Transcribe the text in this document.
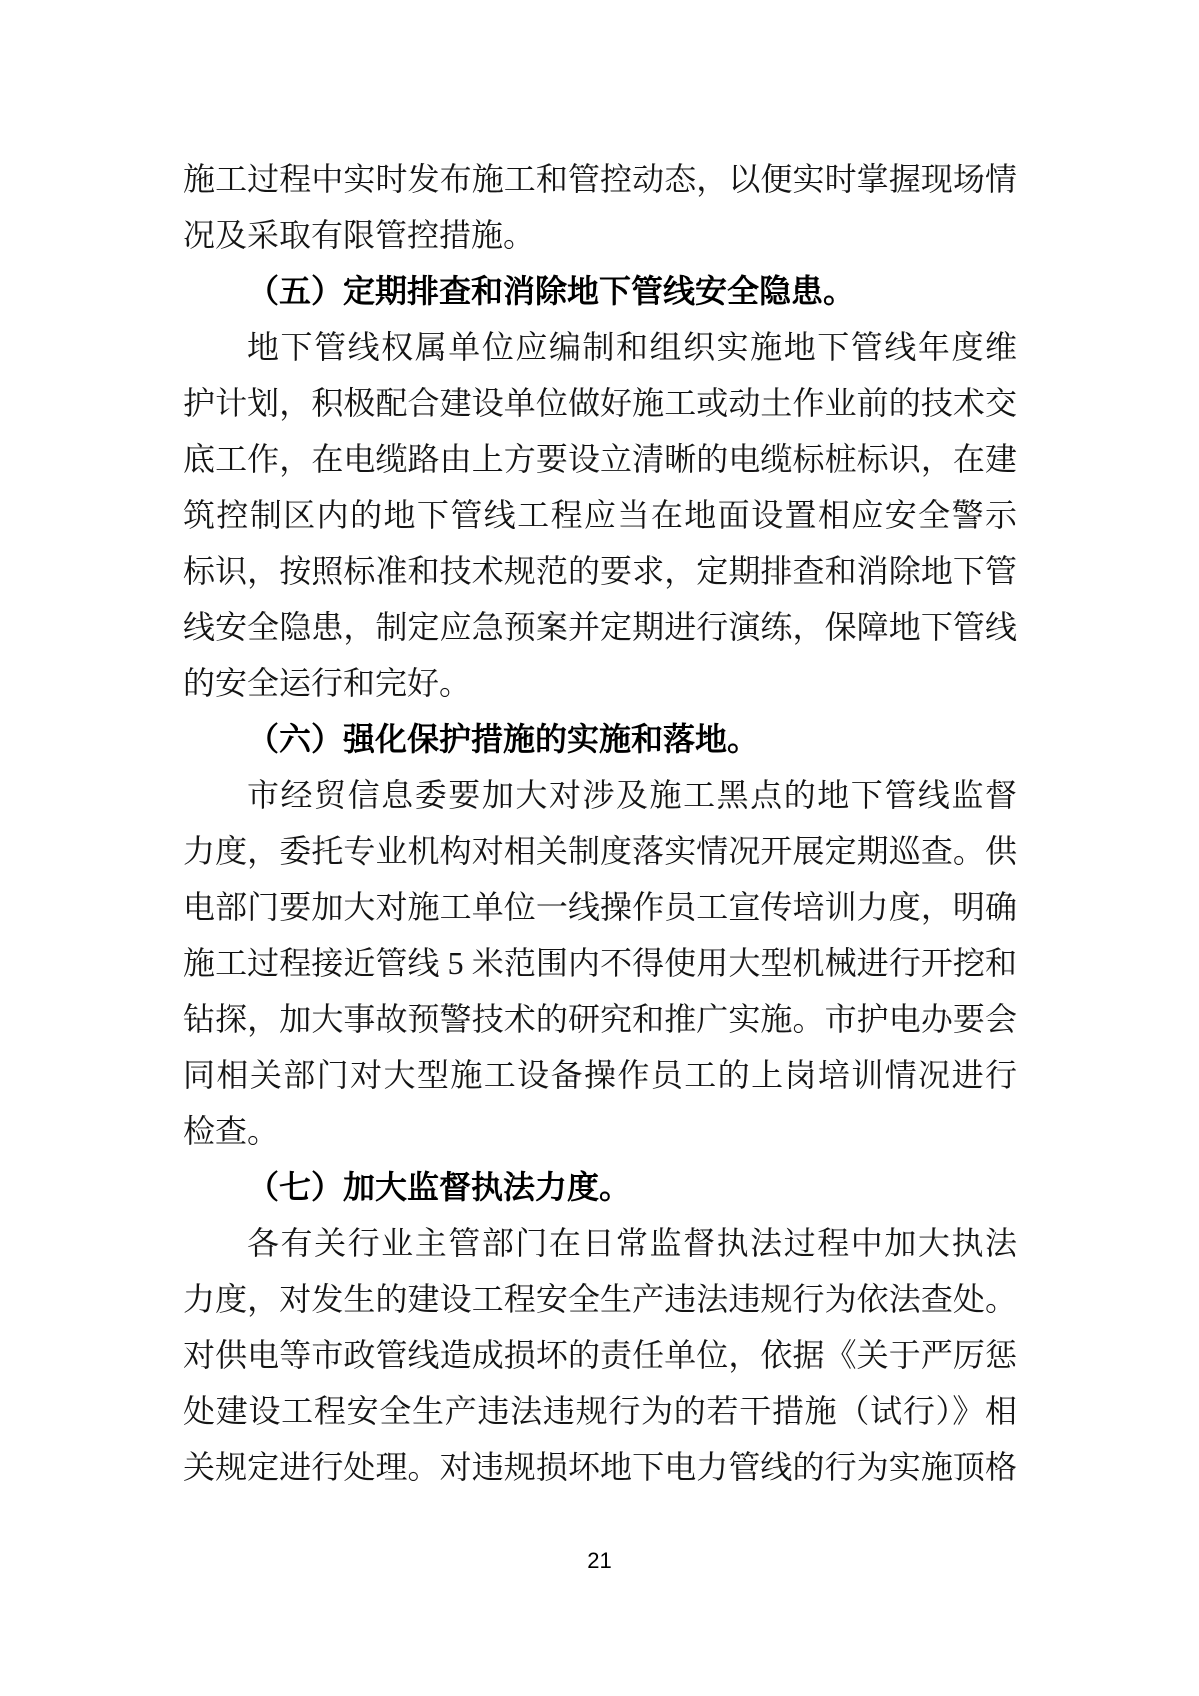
施工过程中实时发布施工和管控动态，以便实时掌握现场情
况及采取有限管控措施。
（五）定期排查和消除地下管线安全隐患。
地下管线权属单位应编制和组织实施地下管线年度维
护计划，积极配合建设单位做好施工或动土作业前的技术交
底工作，在电缆路由上方要设立清晰的电缆标桩标识，在建
筑控制区内的地下管线工程应当在地面设置相应安全警示
标识，按照标准和技术规范的要求，定期排查和消除地下管
线安全隐患，制定应急预案并定期进行演练，保障地下管线
的安全运行和完好。
（六）强化保护措施的实施和落地。
市经贸信息委要加大对涉及施工黑点的地下管线监督
力度，委托专业机构对相关制度落实情况开展定期巡查。供
电部门要加大对施工单位一线操作员工宣传培训力度，明确
施工过程接近管线 5 米范围内不得使用大型机械进行开挖和
钻探，加大事故预警技术的研究和推广实施。市护电办要会
同相关部门对大型施工设备操作员工的上岗培训情况进行
检查。
（七）加大监督执法力度。
各有关行业主管部门在日常监督执法过程中加大执法
力度，对发生的建设工程安全生产违法违规行为依法查处。
对供电等市政管线造成损坏的责任单位，依据《关于严厉惩
处建设工程安全生产违法违规行为的若干措施（试行）》相
关规定进行处理。对违规损坏地下电力管线的行为实施顶格
21
